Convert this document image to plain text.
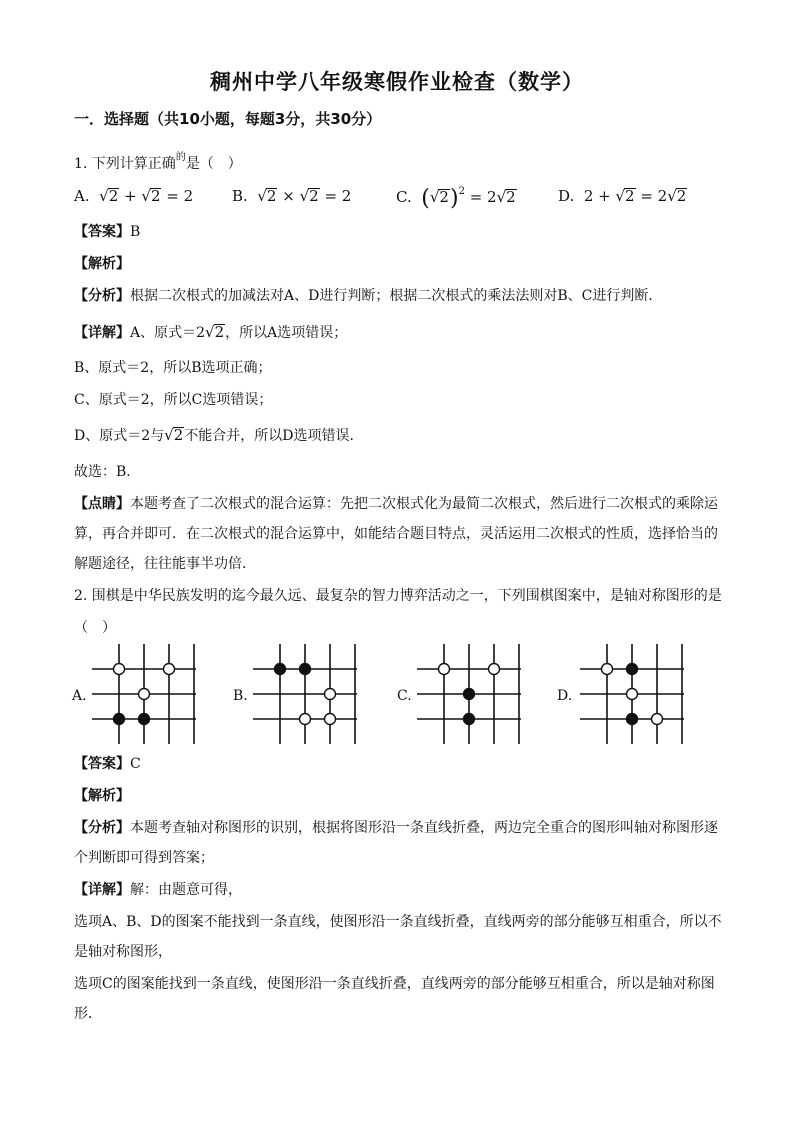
稠州中学八年级寒假作业检查（数学）
一．选择题（共10小题，每题3分，共30分）
1. 下列计算正确$^的$是（　）
A. √2 + √2 = 2	B. √2 × √2 = 2	C. $(√2)^2 = 2√2$	D. 2 + √2 = 2√2
【答案】B
【解析】
【分析】根据二次根式的加减法对A、D进行判断；根据二次根式的乘法法则对B、C进行判断．
【详解】A、原式＝2√2，所以A选项错误；
B、原式＝2，所以B选项正确；
C、原式＝2，所以C选项错误；
D、原式＝2与√2不能合并，所以D选项错误．
故选：B．
【点睛】本题考查了二次根式的混合运算：先把二次根式化为最简二次根式，然后进行二次根式的乘除运
算，再合并即可．在二次根式的混合运算中，如能结合题目特点，灵活运用二次根式的性质，选择恰当的
解题途径，往往能事半功倍．
2. 围棋是中华民族发明的迄今最久远、最复杂的智力博弈活动之一，下列围棋图案中，是轴对称图形的是
（　）
A.	B.	C.	D.
【答案】C
【解析】
【分析】本题考查轴对称图形的识别，根据将图形沿一条直线折叠，两边完全重合的图形叫轴对称图形逐
个判断即可得到答案；
【详解】解：由题意可得，
选项A、B、D的图案不能找到一条直线，使图形沿一条直线折叠，直线两旁的部分能够互相重合，所以不
是轴对称图形，
选项C的图案能找到一条直线，使图形沿一条直线折叠，直线两旁的部分能够互相重合，所以是轴对称图
形．
